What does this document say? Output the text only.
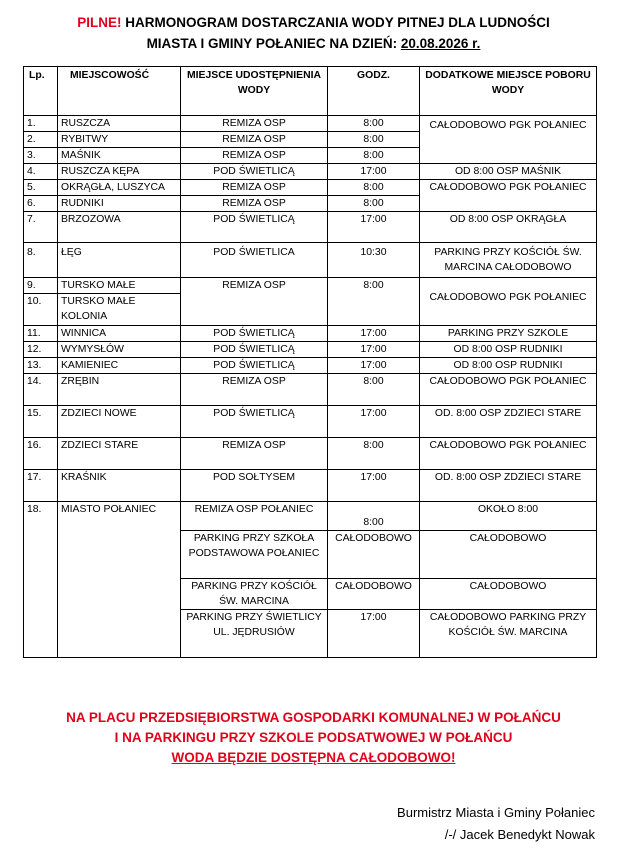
PILNE! HARMONOGRAM DOSTARCZANIA WODY PITNEJ DLA LUDNOŚCI
MIASTA I GMINY POŁANIEC NA DZIEŃ: 20.08.2026 r.
Lp.	MIEJSCOWOŚĆ	MIEJSCE UDOSTĘPNIENIA WODY	GODZ.	DODATKOWE MIEJSCE POBORU WODY
1.	RUSZCZA	REMIZA OSP	8:00	CAŁODOBOWO PGK POŁANIEC
2.	RYBITWY	REMIZA OSP	8:00	
3.	MAŚNIK	REMIZA OSP	8:00	
4.	RUSZCZA KĘPA	POD ŚWIETLICĄ	17:00	OD 8:00 OSP MAŚNIK
5.	OKRĄGŁA, LUSZYCA	REMIZA OSP	8:00	CAŁODOBOWO PGK POŁANIEC
6.	RUDNIKI	REMIZA OSP	8:00	
7.	BRZOZOWA	POD ŚWIETLICĄ	17:00	OD 8:00 OSP OKRĄGŁA
8.	ŁĘG	POD ŚWIETLICA	10:30	PARKING PRZY KOŚCIÓŁ ŚW. MARCINA CAŁODOBOWO
9.	TURSKO MAŁE	REMIZA OSP	8:00	CAŁODOBOWO PGK POŁANIEC
10.	TURSKO MAŁE KOLONIA			
11.	WINNICA	POD ŚWIETLICĄ	17:00	PARKING PRZY SZKOLE
12.	WYMYSŁÓW	POD ŚWIETLICĄ	17:00	OD 8:00 OSP RUDNIKI
13.	KAMIENIEC	POD ŚWIETLICĄ	17:00	OD 8:00 OSP RUDNIKI
14.	ZRĘBIN	REMIZA OSP	8:00	CAŁODOBOWO PGK POŁANIEC
15.	ZDZIECI NOWE	POD ŚWIETLICĄ	17:00	OD. 8:00 OSP ZDZIECI STARE
16.	ZDZIECI STARE	REMIZA OSP	8:00	CAŁODOBOWO PGK POŁANIEC
17.	KRAŚNIK	POD SOŁTYSEM	17:00	OD. 8:00 OSP ZDZIECI STARE
18.	MIASTO POŁANIEC	REMIZA OSP POŁANIEC	8:00	OKOŁO 8:00
		PARKING PRZY SZKOŁA PODSTAWOWA POŁANIEC	CAŁODOBOWO	CAŁODOBOWO
		PARKING PRZY KOŚCIÓŁ ŚW. MARCINA	CAŁODOBOWO	CAŁODOBOWO
		PARKING PRZY ŚWIETLICY UL. JĘDRUSIÓW	17:00	CAŁODOBOWO PARKING PRZY KOŚCIÓŁ ŚW. MARCINA
NA PLACU PRZEDSIĘBIORSTWA GOSPODARKI KOMUNALNEJ W POŁAŃCU
I NA PARKINGU PRZY SZKOLE PODSATWOWEJ W POŁAŃCU
WODA BĘDZIE DOSTĘPNA CAŁODOBOWO!
Burmistrz Miasta i Gminy Połaniec
/-/ Jacek Benedykt Nowak
